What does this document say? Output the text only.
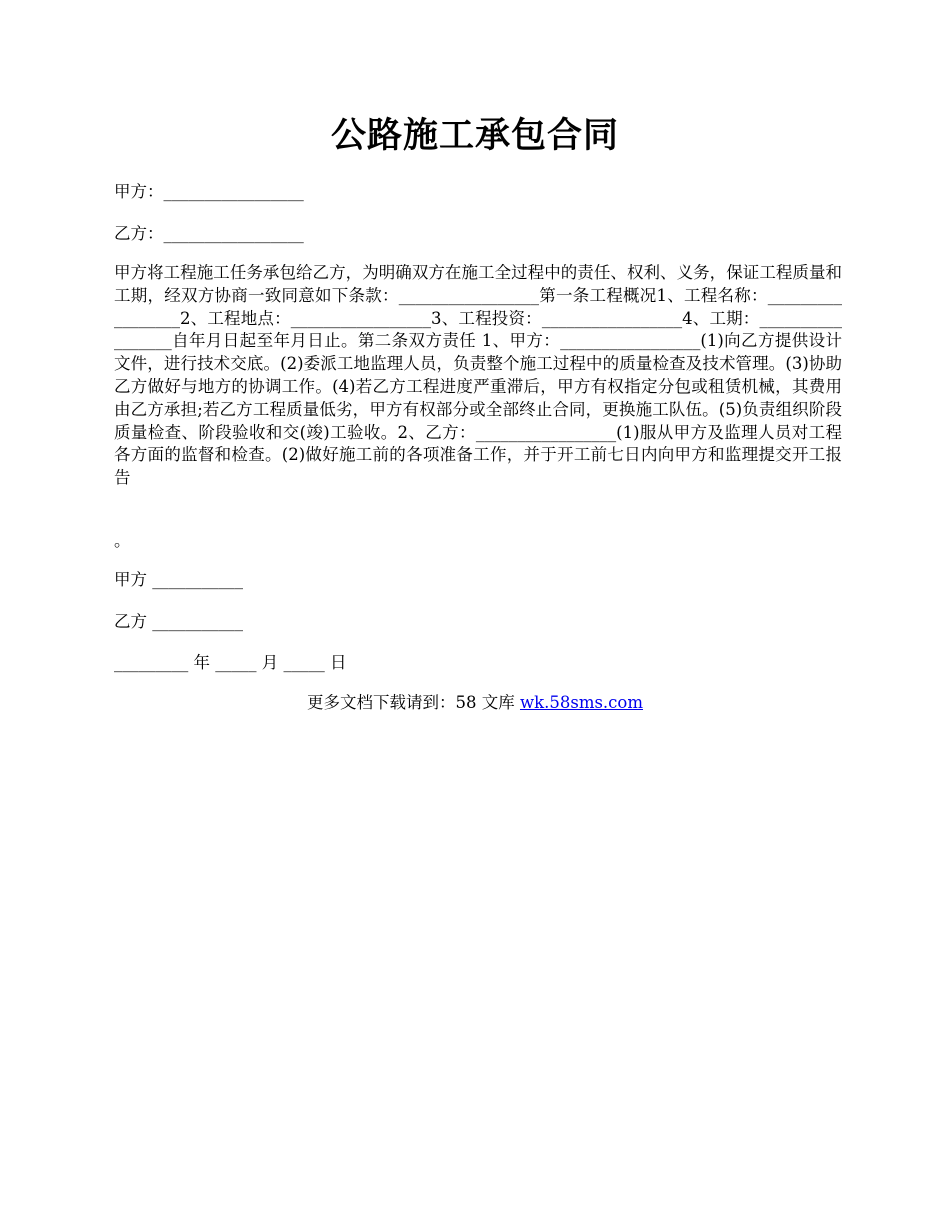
公路施工承包合同
甲方：_________________
乙方：_________________
甲方将工程施工任务承包给乙方，为明确双方在施工全过程中的责任、权利、义务，保证工程质量和工期，经双方协商一致同意如下条款：_________________第一条工程概况1、工程名称：_________________2、工程地点：_________________3、工程投资：_________________4、工期：_________________自年月日起至年月日止。第二条双方责任 1、甲方：_________________(1)向乙方提供设计文件，进行技术交底。(2)委派工地监理人员，负责整个施工过程中的质量检查及技术管理。(3)协助乙方做好与地方的协调工作。(4)若乙方工程进度严重滞后，甲方有权指定分包或租赁机械，其费用由乙方承担;若乙方工程质量低劣，甲方有权部分或全部终止合同，更换施工队伍。(5)负责组织阶段质量检查、阶段验收和交(竣)工验收。2、乙方：_________________(1)服从甲方及监理人员对工程各方面的监督和检查。(2)做好施工前的各项准备工作，并于开工前七日内向甲方和监理提交开工报告
。
甲方 ___________
乙方 ___________
_________ 年 _____ 月 _____ 日
更多文档下载请到：58 文库 wk.58sms.com
